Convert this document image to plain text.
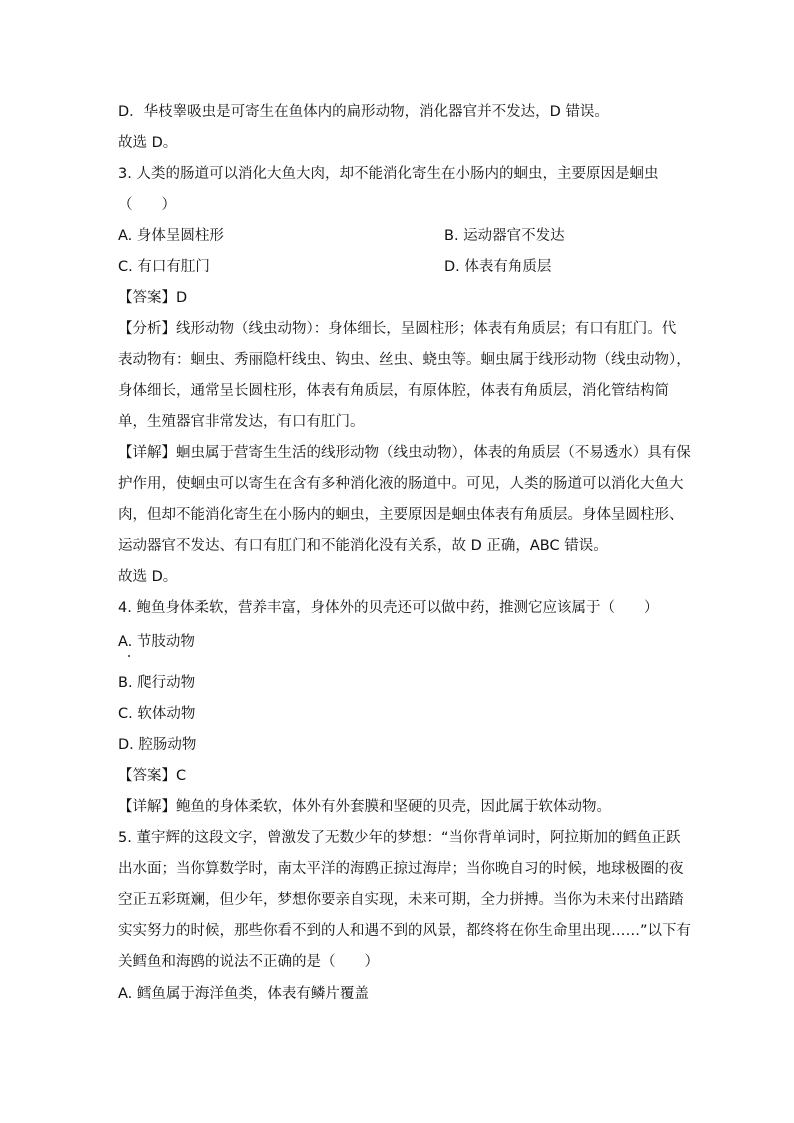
D．华枝睾吸虫是可寄生在鱼体内的扁形动物，消化器官并不发达，D 错误。
故选 D。
3. 人类的肠道可以消化大鱼大肉，却不能消化寄生在小肠内的蛔虫，主要原因是蛔虫
（　　）
A. 身体呈圆柱形	B. 运动器官不发达
C. 有口有肛门	D. 体表有角质层
【答案】D
【分析】线形动物（线虫动物）：身体细长，呈圆柱形；体表有角质层；有口有肛门。代
表动物有：蛔虫、秀丽隐杆线虫、钩虫、丝虫、蛲虫等。蛔虫属于线形动物（线虫动物），
身体细长，通常呈长圆柱形，体表有角质层，有原体腔，体表有角质层，消化管结构简
单，生殖器官非常发达，有口有肛门。
【详解】蛔虫属于营寄生生活的线形动物（线虫动物），体表的角质层（不易透水）具有保
护作用，使蛔虫可以寄生在含有多种消化液的肠道中。可见，人类的肠道可以消化大鱼大
肉，但却不能消化寄生在小肠内的蛔虫，主要原因是蛔虫体表有角质层。身体呈圆柱形、
运动器官不发达、有口有肛门和不能消化没有关系，故 D 正确，ABC 错误。
故选 D。
4. 鲍鱼身体柔软，营养丰富，身体外的贝壳还可以做中药，推测它应该属于（　　）
A. 节肢动物
B. 爬行动物
C. 软体动物
D. 腔肠动物
【答案】C
【详解】鲍鱼的身体柔软，体外有外套膜和坚硬的贝壳，因此属于软体动物。
5. 董宇辉的这段文字，曾激发了无数少年的梦想：“当你背单词时，阿拉斯加的鳕鱼正跃
出水面；当你算数学时，南太平洋的海鸥正掠过海岸；当你晚自习的时候，地球极圈的夜
空正五彩斑斓，但少年，梦想你要亲自实现，未来可期，全力拼搏。当你为未来付出踏踏
实实努力的时候，那些你看不到的人和遇不到的风景，都终将在你生命里出现……”以下有
关鳕鱼和海鸥的说法不正确的是（　　）
A. 鳕鱼属于海洋鱼类，体表有鳞片覆盖
